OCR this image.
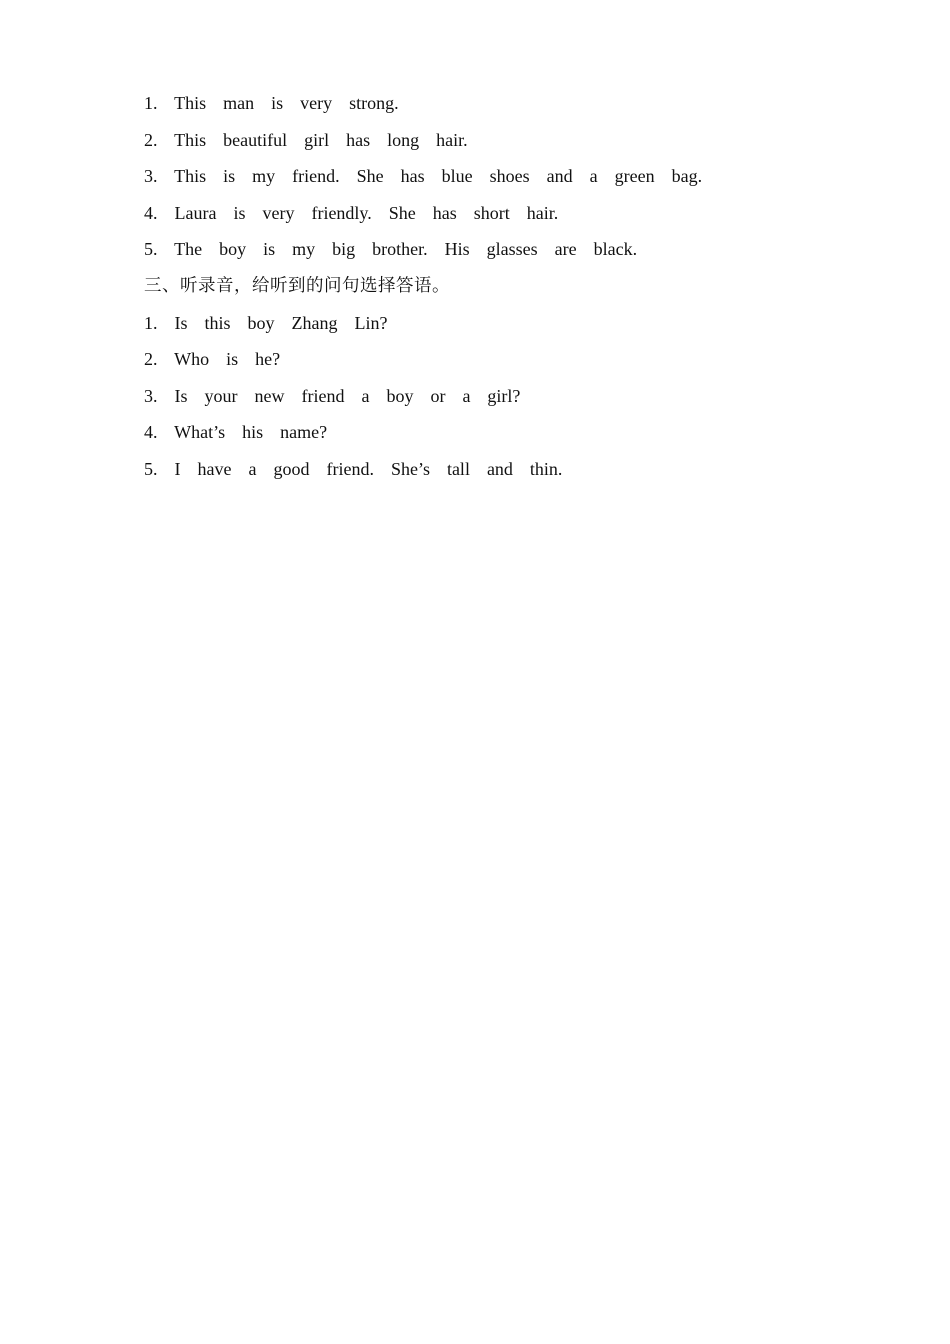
1.  This  man  is  very  strong.
2.  This  beautiful  girl  has  long  hair.
3.  This  is  my  friend.  She  has  blue  shoes  and  a  green  bag.
4.  Laura  is  very  friendly.  She  has  short  hair.
5.  The  boy  is  my  big  brother.  His  glasses  are  black.
三、听录音，给听到的问句选择答语。
1.  Is  this  boy  Zhang  Lin?
2.  Who  is  he?
3.  Is  your  new  friend  a  boy  or  a  girl?
4.  What’s  his  name?
5.  I  have  a  good  friend.  She’s  tall  and  thin.
